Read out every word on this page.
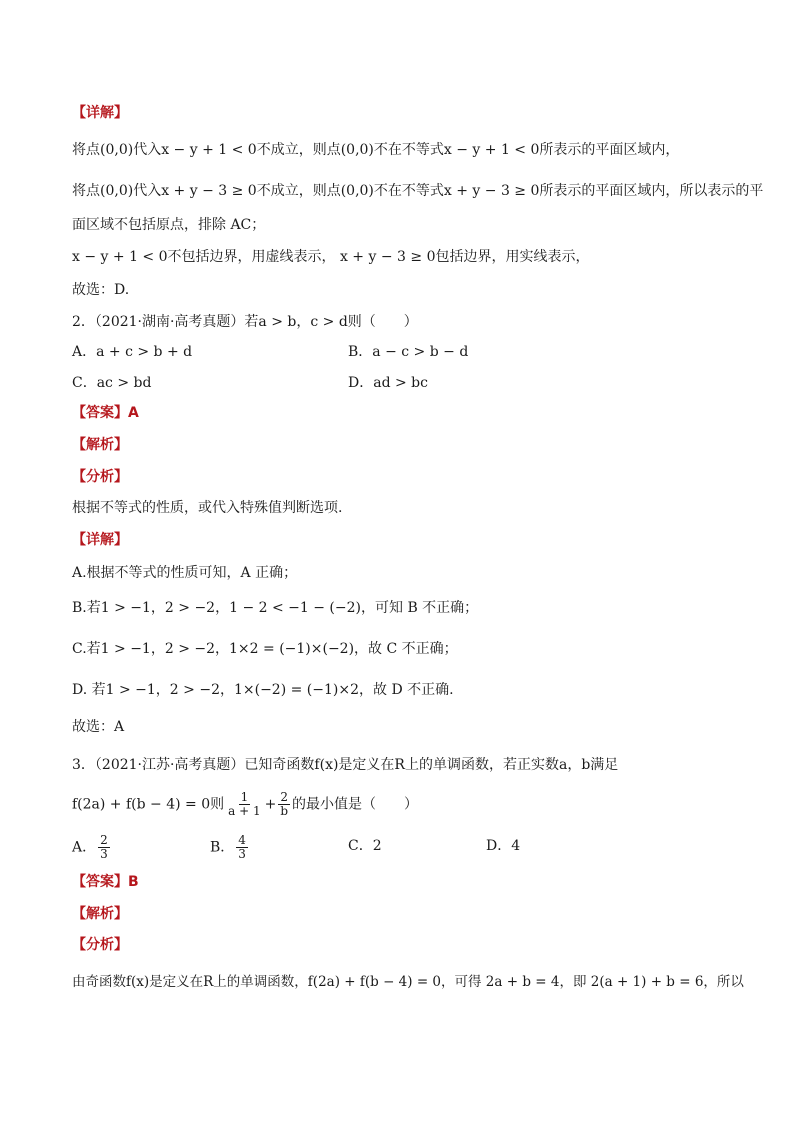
【详解】
将点(0,0)代入x − y + 1 < 0不成立，则点(0,0)不在不等式x − y + 1 < 0所表示的平面区域内，
将点(0,0)代入x + y − 3 ≥ 0不成立，则点(0,0)不在不等式x + y − 3 ≥ 0所表示的平面区域内，所以表示的平
面区域不包括原点，排除 AC；
x − y + 1 < 0不包括边界，用虚线表示， x + y − 3 ≥ 0包括边界，用实线表示，
故选：D.
2．（2021·湖南·高考真题）若a > b，c > d则（　　）
A．a + c > b + d	B．a − c > b − d
C．ac > bd	D．ad > bc
【答案】A
【解析】
【分析】
根据不等式的性质，或代入特殊值判断选项.
【详解】
A.根据不等式的性质可知，A 正确；
B.若1 > −1，2 > −2，1 − 2 < −1 − (−2)，可知 B 不正确；
C.若1 > −1，2 > −2，1×2 = (−1)×(−2)，故 C 不正确；
D. 若1 > −1，2 > −2，1×(−2) = (−1)×2，故 D 不正确.
故选：A
3．（2021·江苏·高考真题）已知奇函数f(x)是定义在R上的单调函数，若正实数a，b满足
f(2a) + f(b − 4) = 0则 $\frac{1}{a + 1} + \frac{2}{b}$ 的最小值是（　　）
A． $\frac{2}{3}$	B． $\frac{4}{3}$	C．2	D．4
【答案】B
【解析】
【分析】
由奇函数f(x)是定义在R上的单调函数，f(2a) + f(b − 4) = 0，可得 2a + b = 4，即 2(a + 1) + b = 6，所以
